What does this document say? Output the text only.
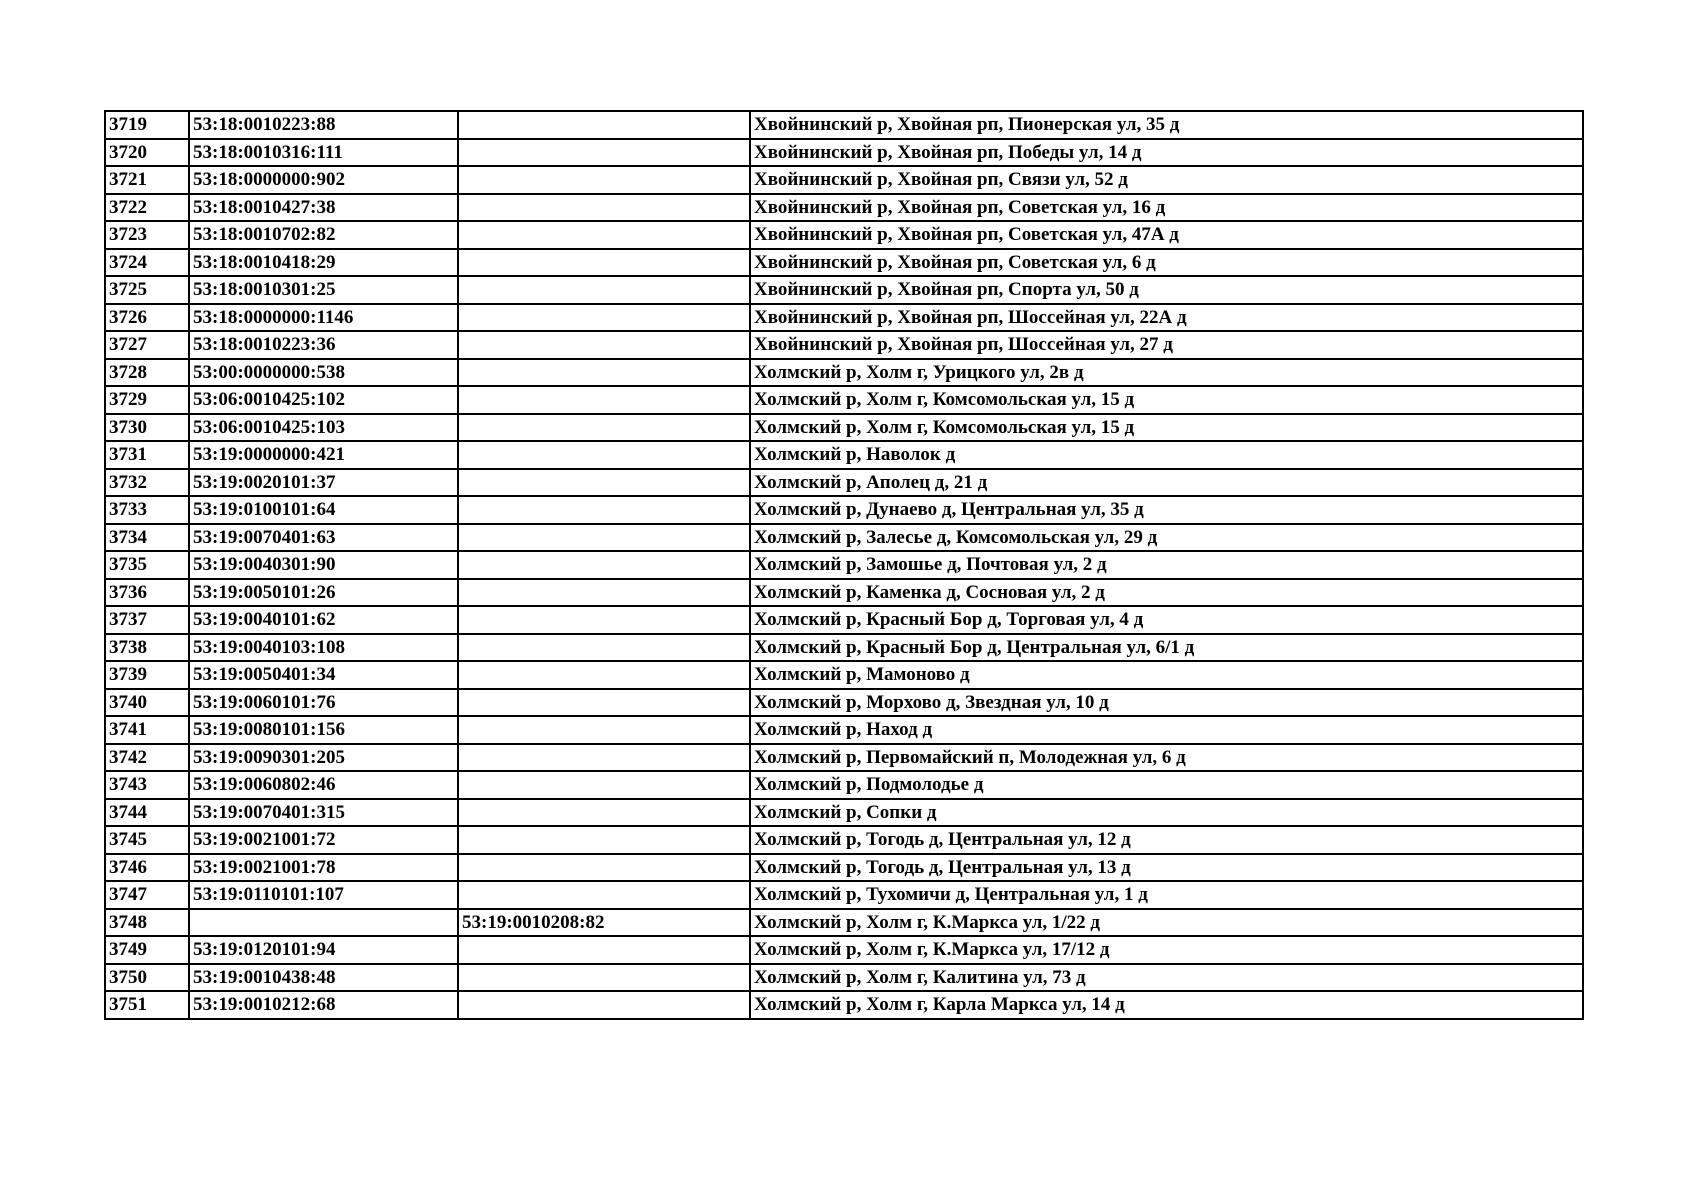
3719	53:18:0010223:88		Хвойнинский р, Хвойная рп, Пионерская ул, 35 д
3720	53:18:0010316:111		Хвойнинский р, Хвойная рп, Победы ул, 14 д
3721	53:18:0000000:902		Хвойнинский р, Хвойная рп, Связи ул, 52 д
3722	53:18:0010427:38		Хвойнинский р, Хвойная рп, Советская ул, 16 д
3723	53:18:0010702:82		Хвойнинский р, Хвойная рп, Советская ул, 47А д
3724	53:18:0010418:29		Хвойнинский р, Хвойная рп, Советская ул, 6 д
3725	53:18:0010301:25		Хвойнинский р, Хвойная рп, Спорта ул, 50 д
3726	53:18:0000000:1146		Хвойнинский р, Хвойная рп, Шоссейная ул, 22А д
3727	53:18:0010223:36		Хвойнинский р, Хвойная рп, Шоссейная ул, 27 д
3728	53:00:0000000:538		Холмский р, Холм г, Урицкого ул, 2в д
3729	53:06:0010425:102		Холмский р, Холм г, Комсомольская ул, 15 д
3730	53:06:0010425:103		Холмский р, Холм г, Комсомольская ул, 15 д
3731	53:19:0000000:421		Холмский р, Наволок д
3732	53:19:0020101:37		Холмский р, Аполец д, 21 д
3733	53:19:0100101:64		Холмский р, Дунаево д, Центральная ул, 35 д
3734	53:19:0070401:63		Холмский р, Залесье д, Комсомольская ул, 29 д
3735	53:19:0040301:90		Холмский р, Замошье д, Почтовая ул, 2 д
3736	53:19:0050101:26		Холмский р, Каменка д, Сосновая ул, 2 д
3737	53:19:0040101:62		Холмский р, Красный Бор д, Торговая ул, 4 д
3738	53:19:0040103:108		Холмский р, Красный Бор д, Центральная ул, 6/1 д
3739	53:19:0050401:34		Холмский р, Мамоново д
3740	53:19:0060101:76		Холмский р, Морхово д, Звездная ул, 10 д
3741	53:19:0080101:156		Холмский р, Наход д
3742	53:19:0090301:205		Холмский р, Первомайский п, Молодежная ул, 6 д
3743	53:19:0060802:46		Холмский р, Подмолодье д
3744	53:19:0070401:315		Холмский р, Сопки д
3745	53:19:0021001:72		Холмский р, Тогодь д, Центральная ул, 12 д
3746	53:19:0021001:78		Холмский р, Тогодь д, Центральная ул, 13 д
3747	53:19:0110101:107		Холмский р, Тухомичи д, Центральная ул, 1 д
3748		53:19:0010208:82	Холмский р, Холм г, К.Маркса ул, 1/22 д
3749	53:19:0120101:94		Холмский р, Холм г, К.Маркса ул, 17/12 д
3750	53:19:0010438:48		Холмский р, Холм г, Калитина ул, 73 д
3751	53:19:0010212:68		Холмский р, Холм г, Карла Маркса ул, 14 д
